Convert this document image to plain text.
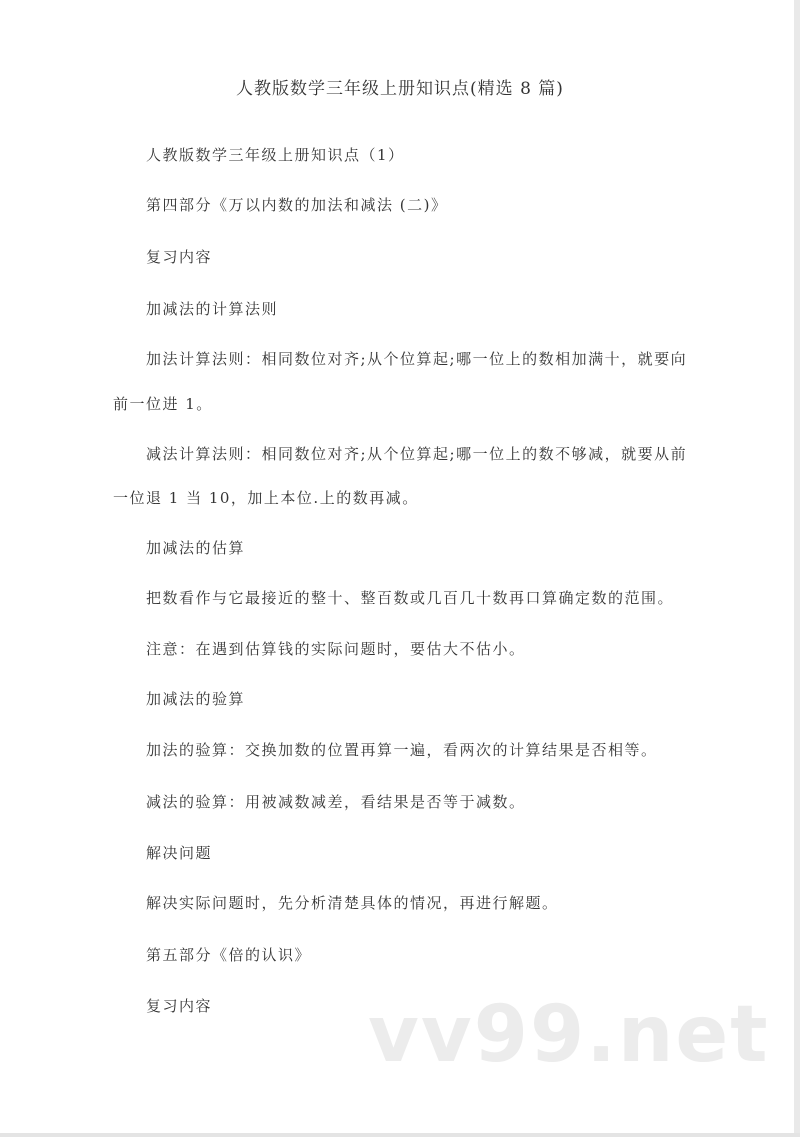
人教版数学三年级上册知识点(精选 8 篇)
人教版数学三年级上册知识点（1）
第四部分《万以内数的加法和减法 (二)》
复习内容
加减法的计算法则
加法计算法则：相同数位对齐;从个位算起;哪一位上的数相加满十，就要向
前一位进 1。
减法计算法则：相同数位对齐;从个位算起;哪一位上的数不够减，就要从前
一位退 1 当 10，加上本位.上的数再减。
加减法的估算
把数看作与它最接近的整十、整百数或几百几十数再口算确定数的范围。
注意：在遇到估算钱的实际问题时，要估大不估小。
加减法的验算
加法的验算：交换加数的位置再算一遍，看两次的计算结果是否相等。
减法的验算：用被减数减差，看结果是否等于减数。
解决问题
解决实际问题时，先分析清楚具体的情况，再进行解题。
第五部分《倍的认识》
复习内容 vv99.net
